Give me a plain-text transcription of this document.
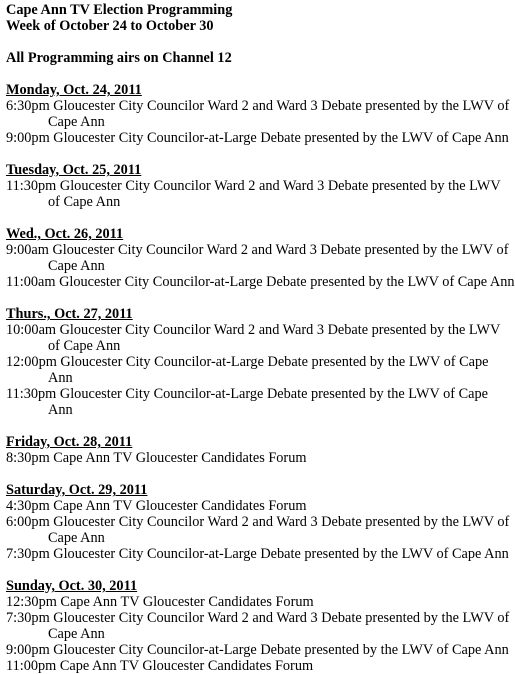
Cape Ann TV Election Programming
Week of October 24 to October 30
All Programming airs on Channel 12
Monday, Oct. 24, 2011
6:30pm Gloucester City Councilor Ward 2 and Ward 3 Debate presented by the LWV of Cape Ann
9:00pm Gloucester City Councilor-at-Large Debate presented by the LWV of Cape Ann
Tuesday, Oct. 25, 2011
11:30pm Gloucester City Councilor Ward 2 and Ward 3 Debate presented by the LWV of Cape Ann
Wed., Oct. 26, 2011
9:00am Gloucester City Councilor Ward 2 and Ward 3 Debate presented by the LWV of Cape Ann
11:00am Gloucester City Councilor-at-Large Debate presented by the LWV of Cape Ann
Thurs., Oct. 27, 2011
10:00am Gloucester City Councilor Ward 2 and Ward 3 Debate presented by the LWV of Cape Ann
12:00pm Gloucester City Councilor-at-Large Debate presented by the LWV of Cape Ann
11:30pm Gloucester City Councilor-at-Large Debate presented by the LWV of Cape Ann
Friday, Oct. 28, 2011
8:30pm Cape Ann TV Gloucester Candidates Forum
Saturday, Oct. 29, 2011
4:30pm Cape Ann TV Gloucester Candidates Forum
6:00pm Gloucester City Councilor Ward 2 and Ward 3 Debate presented by the LWV of Cape Ann
7:30pm Gloucester City Councilor-at-Large Debate presented by the LWV of Cape Ann
Sunday, Oct. 30, 2011
12:30pm Cape Ann TV Gloucester Candidates Forum
7:30pm Gloucester City Councilor Ward 2 and Ward 3 Debate presented by the LWV of Cape Ann
9:00pm Gloucester City Councilor-at-Large Debate presented by the LWV of Cape Ann
11:00pm Cape Ann TV Gloucester Candidates Forum
